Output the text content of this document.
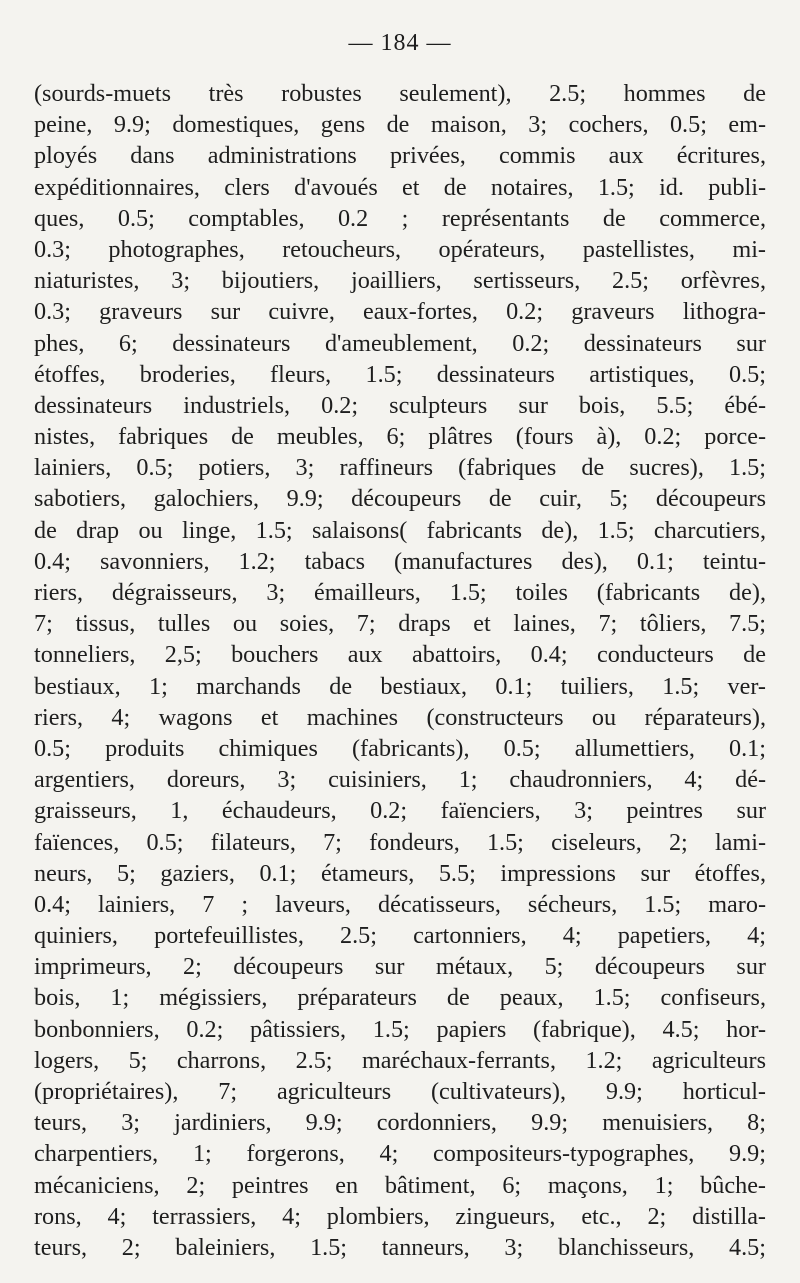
— 184 —
(sourds-muets très robustes seulement), 2.5; hommes de
peine, 9.9; domestiques, gens de maison, 3; cochers, 0.5; em-
ployés dans administrations privées, commis aux écritures,
expéditionnaires, clers d'avoués et de notaires, 1.5; id. publi-
ques, 0.5; comptables, 0.2 ; représentants de commerce,
0.3; photographes, retoucheurs, opérateurs, pastellistes, mi-
niaturistes, 3; bijoutiers, joailliers, sertisseurs, 2.5; orfèvres,
0.3; graveurs sur cuivre, eaux-fortes, 0.2; graveurs lithogra-
phes, 6; dessinateurs d'ameublement, 0.2; dessinateurs sur
étoffes, broderies, fleurs, 1.5; dessinateurs artistiques, 0.5;
dessinateurs industriels, 0.2; sculpteurs sur bois, 5.5; ébé-
nistes, fabriques de meubles, 6; plâtres (fours à), 0.2; porce-
lainiers, 0.5; potiers, 3; raffineurs (fabriques de sucres), 1.5;
sabotiers, galochiers, 9.9; découpeurs de cuir, 5; découpeurs
de drap ou linge, 1.5; salaisons( fabricants de), 1.5; charcutiers,
0.4; savonniers, 1.2; tabacs (manufactures des), 0.1; teintu-
riers, dégraisseurs, 3; émailleurs, 1.5; toiles (fabricants de),
7; tissus, tulles ou soies, 7; draps et laines, 7; tôliers, 7.5;
tonneliers, 2,5; bouchers aux abattoirs, 0.4; conducteurs de
bestiaux, 1; marchands de bestiaux, 0.1; tuiliers, 1.5; ver-
riers, 4; wagons et machines (constructeurs ou réparateurs),
0.5; produits chimiques (fabricants), 0.5; allumettiers, 0.1;
argentiers, doreurs, 3; cuisiniers, 1; chaudronniers, 4; dé-
graisseurs, 1, échaudeurs, 0.2; faïenciers, 3; peintres sur
faïences, 0.5; filateurs, 7; fondeurs, 1.5; ciseleurs, 2; lami-
neurs, 5; gaziers, 0.1; étameurs, 5.5; impressions sur étoffes,
0.4; lainiers, 7 ; laveurs, décatisseurs, sécheurs, 1.5; maro-
quiniers, portefeuillistes, 2.5; cartonniers, 4; papetiers, 4;
imprimeurs, 2; découpeurs sur métaux, 5; découpeurs sur
bois, 1; mégissiers, préparateurs de peaux, 1.5; confiseurs,
bonbonniers, 0.2; pâtissiers, 1.5; papiers (fabrique), 4.5; hor-
logers, 5; charrons, 2.5; maréchaux-ferrants, 1.2; agriculteurs
(propriétaires), 7; agriculteurs (cultivateurs), 9.9; horticul-
teurs, 3; jardiniers, 9.9; cordonniers, 9.9; menuisiers, 8;
charpentiers, 1; forgerons, 4; compositeurs-typographes, 9.9;
mécaniciens, 2; peintres en bâtiment, 6; maçons, 1; bûche-
rons, 4; terrassiers, 4; plombiers, zingueurs, etc., 2; distilla-
teurs, 2; baleiniers, 1.5; tanneurs, 3; blanchisseurs, 4.5;
